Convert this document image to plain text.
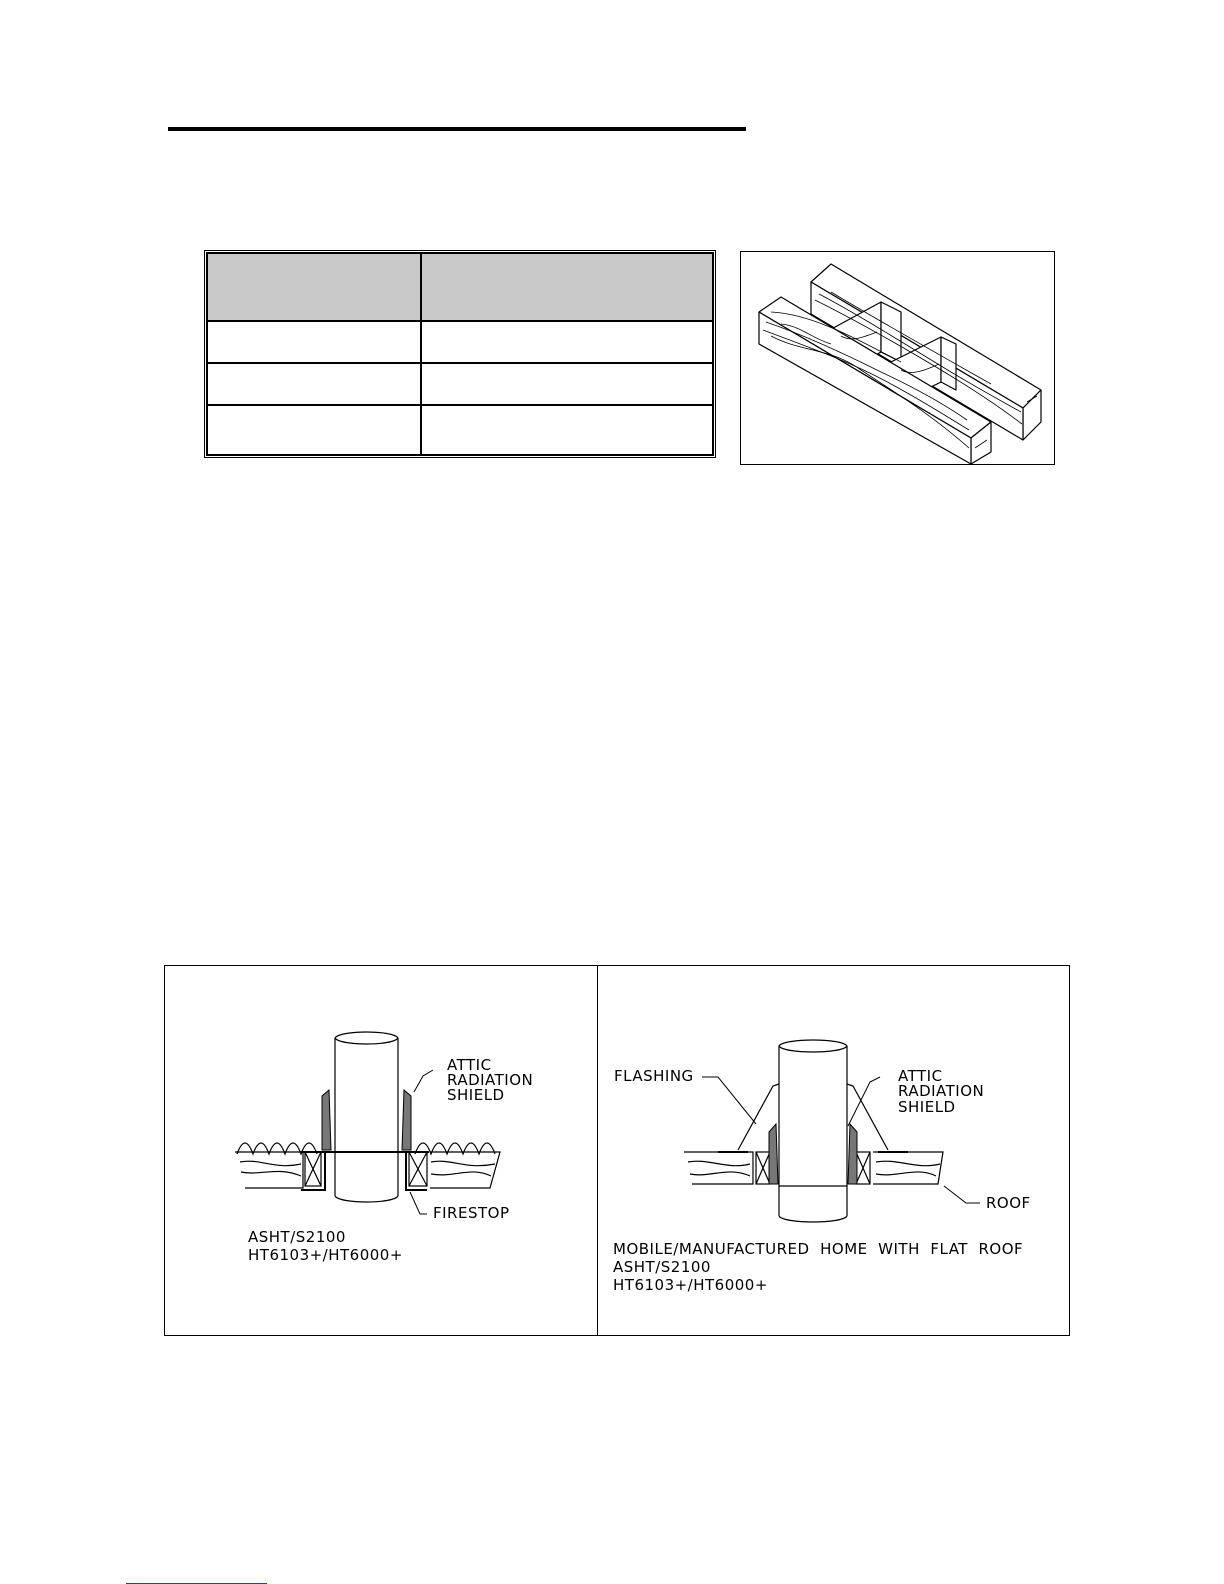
ATTIC
RADIATION
SHIELD
FIRESTOP
ASHT/S2100
HT6103+/HT6000+
FLASHING	ATTIC
RADIATION
SHIELD
ROOF
MOBILE/MANUFACTURED  HOME  WITH  FLAT  ROOF
ASHT/S2100
HT6103+/HT6000+
